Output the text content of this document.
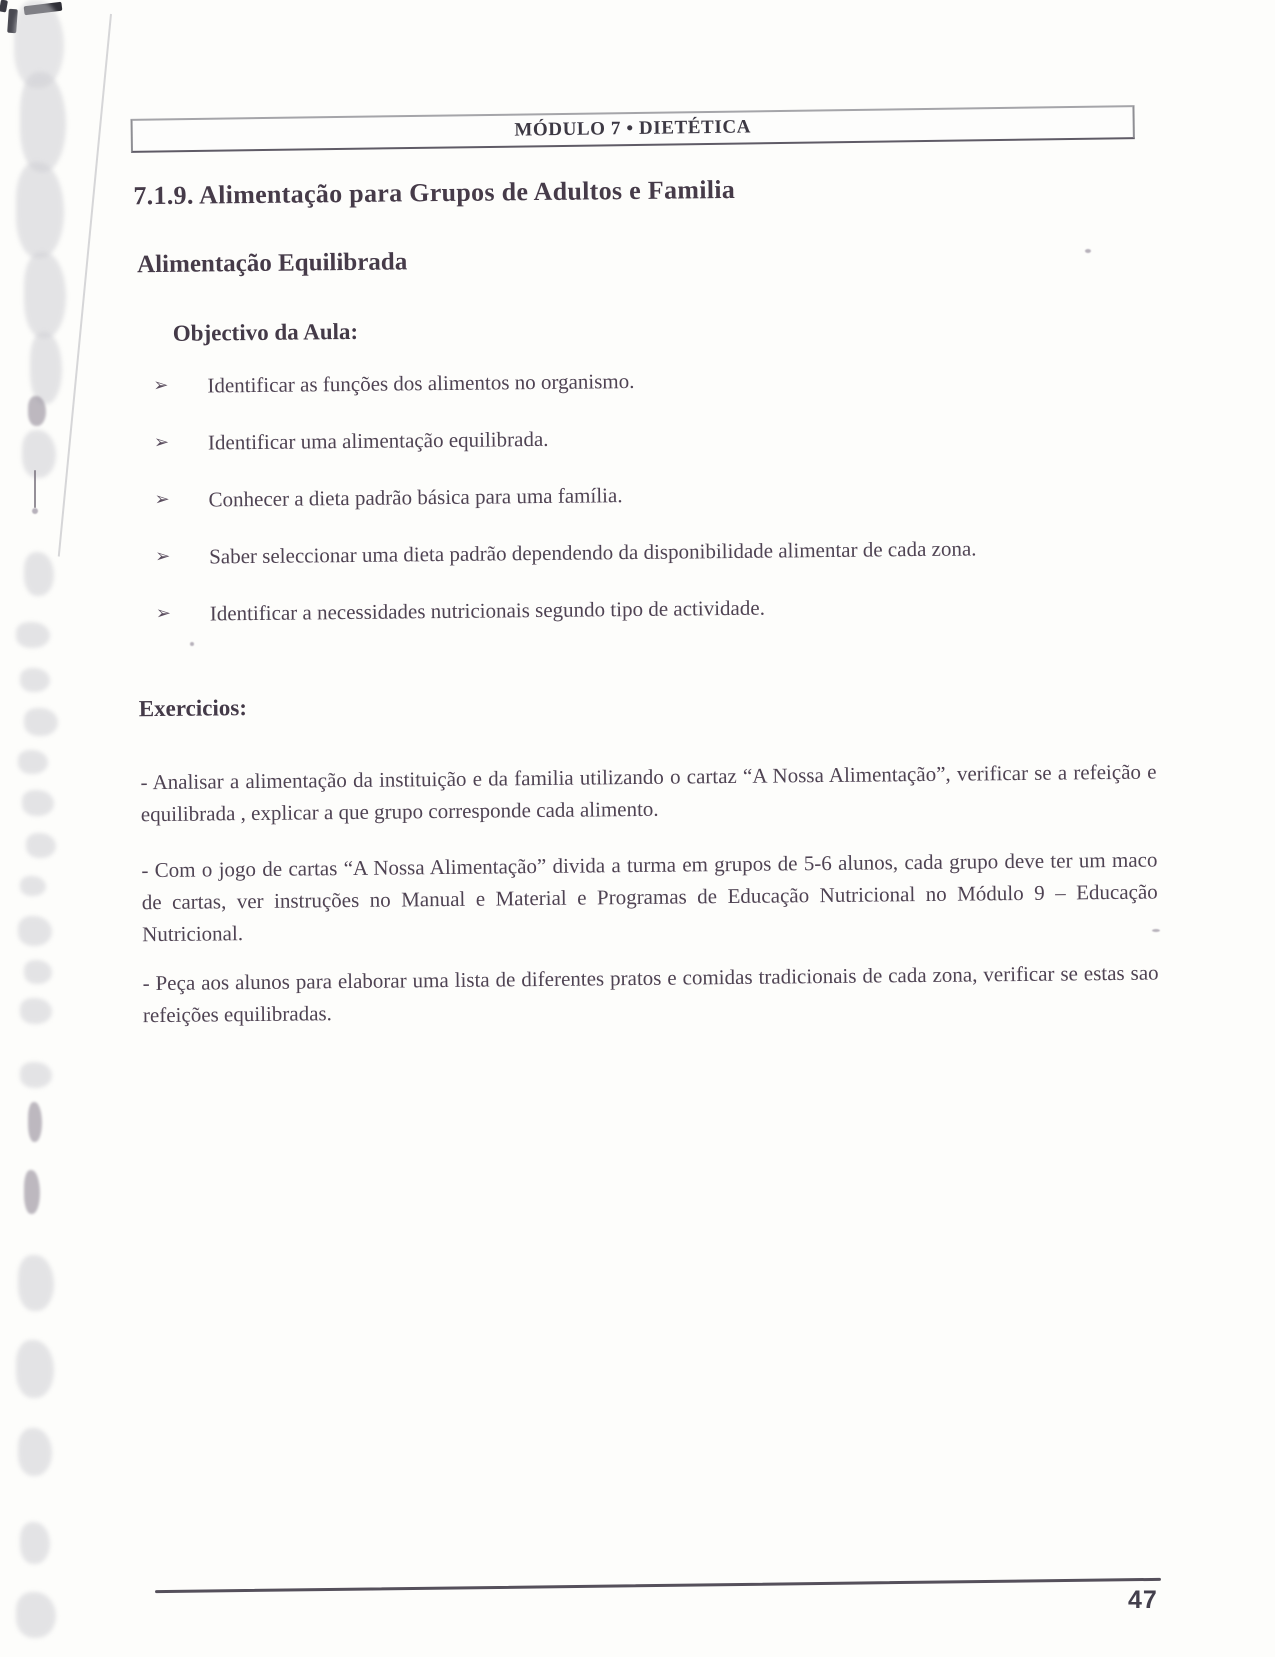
MÓDULO 7 • DIETÉTICA
7.1.9. Alimentação para Grupos de Adultos e Familia
Alimentação Equilibrada
Objectivo da Aula:
➢	Identificar as funções dos alimentos no organismo.
➢	Identificar uma alimentação equilibrada.
➢	Conhecer a dieta padrão básica para uma família.
➢	Saber seleccionar uma dieta padrão dependendo da disponibilidade alimentar de cada zona.
➢	Identificar a necessidades nutricionais segundo tipo de actividade.
Exercicios:

- Analisar a alimentação da instituição e da familia utilizando o cartaz “A Nossa Alimentação”, verificar se a refeição e equilibrada , explicar a que grupo corresponde cada alimento.

- Com o jogo de cartas “A Nossa Alimentação” divida a turma em grupos de 5-6 alunos, cada grupo deve ter um maco de cartas, ver instruções no Manual e Material e Programas de Educação Nutricional no Módulo 9 – Educação Nutricional.

- Peça aos alunos para elaborar uma lista de diferentes pratos e comidas tradicionais de cada zona, verificar se estas sao refeições equilibradas.

47
